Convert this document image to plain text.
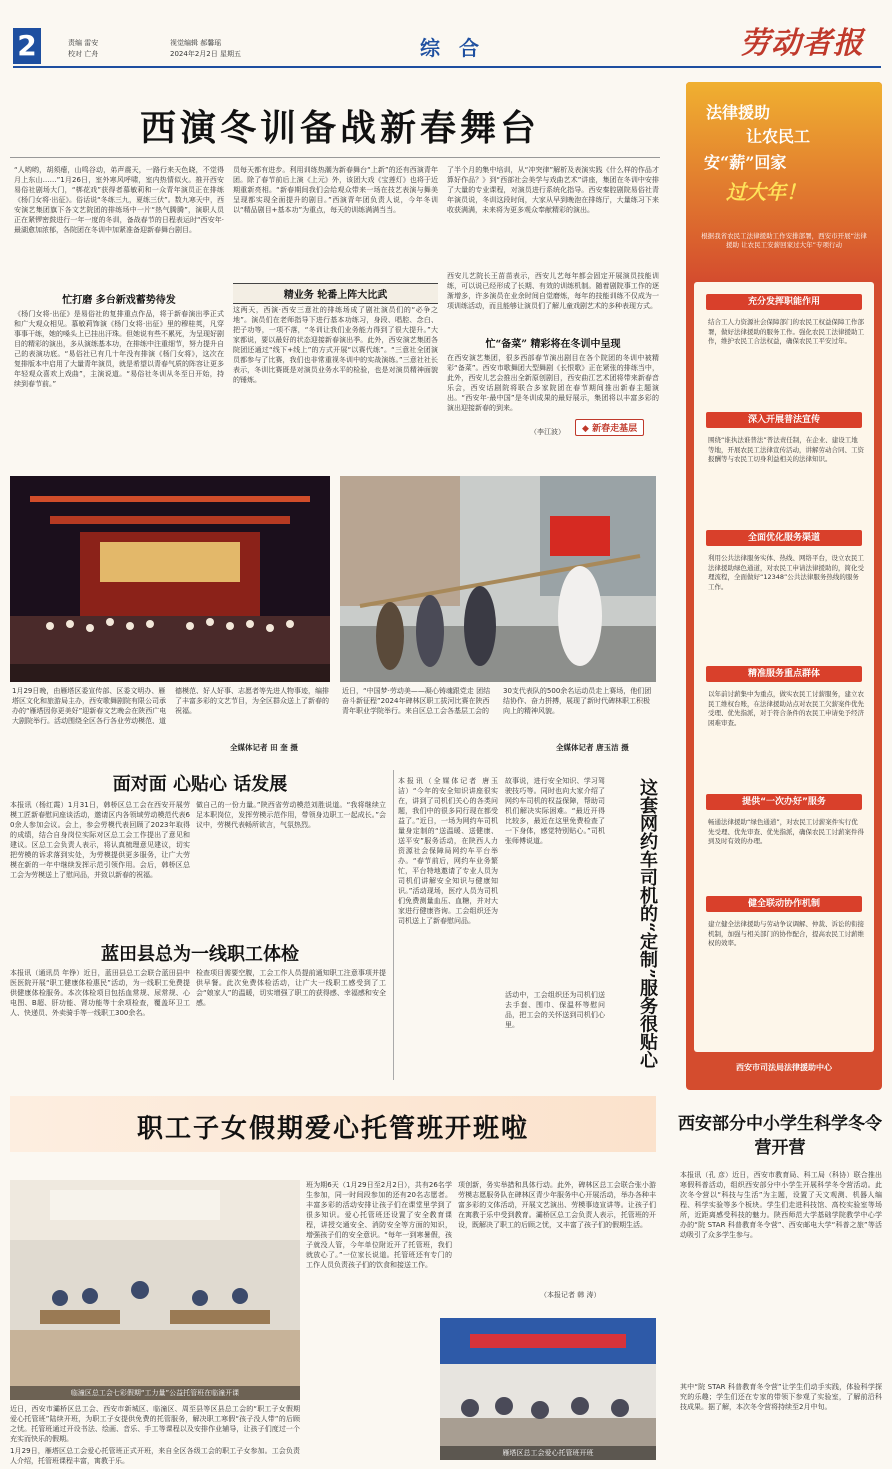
2	责编 雷安
校对 亡舟
视觉编辑 郝馨瑶
2024年2月2日 星期五	综 合	劳动者报
西演冬训备战新春舞台
“人哟哟，胡须瘪，山鸣谷动，弟声震天，一路行来天色晓，不觉得月上东山……”1月26日，室外寒风呼啸，室内热情似火。推开西安易俗社剧场大门，“梆花戏”获得者慕敏莉和一众青年演员正在排练《杨门女将·出征》。俗话说“冬练三九，夏练三伏”。数九寒天中，西安演艺集团旗下各文艺院团的排练场中一片“热气腾腾”，演职人员正在紧锣密鼓进行一年一度的冬训，备战春节的日程表运时“西安年·最湖愈加浓郁，各院团在冬训中加紧准备迎新春舞台剧目。
忙打磨 多台新戏蓄势待发
《杨门女将·出征》是易俗社的复排重点作品，将于新春演出季正式和广大观众相见。慕敏莉饰演《杨门女将·出征》里的穆桂英，凡穿事事干练，她的嗓头上已挂出汗珠。但她说有些不累死，为呈现好剧目的精彩的演出，多从演练基本功，在排练中注重细节，努力提升自己的表演功底。“易俗社已有几十年没有排演《杨门女将》，这次在复排版本中启用了大量青年演员，就是希望以青春气质的阵容让更多年轻观众喜欢上戏曲”，主演说道。“易俗社冬训从冬至日开始，持续到春节前。”
员每天都有进步。利用训练热潮为新春舞台“上新”的还有西演青年团。除了春节前后上演《上元》外，该团大戏《宝莲灯》也将于近期重新亮相。“新春期间我们会给观众带来一场在技艺表演与舞美呈现都实现全面提升的剧目。”西演青年团负责人说，今年冬训以“精品剧目+基本功”为重点，每天的训练满满当当。
精业务 轮番上阵大比武
这两天，西演·西安三意社的排练场成了剧社演员们的“必争之地”。演员们在老师指导下进行基本功练习，身段、唱腔、念白、把子功等，一项不落，“冬训让我们业务能力得到了很大提升。”大家都说，要以最好的状态迎接新春演出季。此外，西安演艺集团各院团还通过“线下+线上”的方式开展“以赛代练”。“三意社全团演员都参与了比赛，我们也非常重视冬训中的实战演练。”三意社社长表示，冬训比赛既是对演员业务水平的检验，也是对演员精神面貌的锤炼。
了半个月的集中培训，从“冲突律”解析及表演实践《什么样的作品才算好作品？》到“西部社会美学与戏曲艺术”讲座，集团在冬训中安排了大量的专业课程，对演员进行系统化指导。西安秦腔剧院易俗社青年演员说，冬训这段时间，大家从早到晚泡在排练厅，大量练习下来收获满满，未来将为更多观众奉献精彩的演出。
西安儿艺院长王苗苗表示，西安儿艺每年都会固定开展演员技能训练，可以说已经形成了长期、有效的训练机制。随着剧院事工作的逐渐增多，许多演员在业余时间自觉磨炼，每年的技能训练不仅成为一项训练活动，而且能够让演员们了解儿童戏剧艺术的多种表现方式。
忙“备菜” 精彩将在冬训中呈现
在西安演艺集团，很多西部春节演出剧目在各个院团的冬训中被精彩“备菜”。西安市歌舞团大型舞剧《长恨歌》正在紧张的排练当中，此外，西安儿艺会推出全新原创剧目，西安曲江艺术团将带来新春音乐会，西安话剧院将联合多家院团在春节期间推出新春主题演出。“西安年·最中国”是冬训成果的最好展示，集团将以丰富多彩的演出迎接新春的到来。
（李江波）	◆ 新春走基层
1月29日晚，由雁塔区委宣传部、区委文明办、雁塔区文化和旅游局主办，西安歌舞剧院有限公司承办的“雁塔因你更美好”迎新春文艺晚会在陕西广电大剧院举行。活动围绕全区各行各业劳动模范、道德模范、好人好事、志愿者等先进人物事迹，编排了丰富多彩的文艺节目，为全区群众送上了新春的祝福。
全媒体记者 田 奎 摄
近日，“中国梦·劳动美——凝心铸魂跟党走 团结奋斗新征程”2024年碑林区职工拔河比赛在陕西青年职业学院举行。来自区总工会各基层工会的30支代表队的500余名运动员走上赛场，他们团结协作、奋力拼搏，展现了新时代碑林职工积极向上的精神风貌。
全媒体记者 唐玉洁 摄
面对面 心贴心 话发展
本报讯（杨红霞）1月31日，韩桥区总工会在西安开展劳模工匠新春慰问座谈活动，邀请区内各领域劳动模范代表60余人参加会议。会上，参会劳模代表回顾了2023年取得的成绩，结合自身岗位实际对区总工会工作提出了意见和建议。区总工会负责人表示，将认真梳理意见建议，切实把劳模的诉求落到实处，为劳模提供更多服务，让广大劳模在新的一年中继续发挥示范引领作用。会后，韩桥区总工会为劳模送上了慰问品，并致以新春的祝福。
做自己的一份力量。”陕西省劳动模范刘胜说道。“我将继续立足本职岗位，发挥劳模示范作用，带领身边职工一起成长。”会议中，劳模代表畅所欲言，气氛热烈。
蓝田县总为一线职工体检
本报讯（通讯员 年铮）近日，蓝田县总工会联合蓝田县中医医院开展“职工健康体检惠民”活动，为一线职工免费提供健康体检服务。本次体检项目包括血常规、尿常规、心电图、B超、肝功能、肾功能等十余项检查，覆盖环卫工人、快递员、外卖骑手等一线职工300余名。
检查项目需要空腹，工会工作人员提前通知职工注意事项并提供早餐。此次免费体检活动，让广大一线职工感受到了工会“娘家人”的温暖，切实增强了职工的获得感、幸福感和安全感。
本报讯（全媒体记者 唐玉洁）“今年的安全知识讲座很实在，讲到了司机们关心的各类问题，我们中的很多同行现在都受益了。”近日，一场为网约车司机量身定制的“送温暖、送健康、送平安”服务活动，在陕西人力资源社会保障局网约车平台举办。“春节前后，网约车业务繁忙，平台特地邀请了专业人员为司机们讲解安全知识与健康知识。”活动现场，医疗人员为司机们免费测量血压、血糖，并对大家进行健康咨询。工会组织还为司机送上了新春慰问品。
故事说，进行安全知识、学习驾驶技巧等。同时也向大家介绍了网约车司机的权益保障，帮助司机们解决实际困难。“最近开得比较多，最近在这里免费检查了一下身体，感觉特别贴心。”司机张师傅说道。
活动中，工会组织还为司机们送去手套、围巾、保温杯等慰问品，把工会的关怀送到司机们心里。	这套网约车司机的“定制”服务很贴心
职工子女假期爱心托管班开班啦
临潼区总工会七彩假期“工力量”公益托管班在临潼开课
近日，西安市灞桥区总工会、西安市新城区、临潼区、周至县等区县总工会的“职工子女假期爱心托管班”陆续开班，为职工子女提供免费的托管服务，解决职工寒假“孩子没人带”的后顾之忧。托管班通过开设书法、绘画、音乐、手工等课程以及安排作业辅导，让孩子们度过一个充实而快乐的假期。
1月29日，雁塔区总工会爱心托管班正式开班，来自全区各级工会的职工子女参加。工会负责人介绍，托管班课程丰富，寓教于乐。
班为期6天（1月29日至2月2日），共有26名学生参加，同一时间段参加的还有20名志愿者。丰富多彩的活动安排让孩子们在课堂里学到了很多知识。爱心托管班还设置了安全教育课程，讲授交通安全、消防安全等方面的知识，增强孩子们的安全意识。“每年一到寒暑假，孩子就没人管，今年单位附近开了托管班，我们就放心了。”一位家长说道。托管班还有专门的工作人员负责孩子们的饮食和接送工作。
项创新，务实举措和具体行动。此外，碑林区总工会联合张小游劳模志愿服务队在碑林区青少年服务中心开展活动，举办各种丰富多彩的文体活动，开展文艺演出、劳模事迹宣讲等。让孩子们在寓教于乐中受到教育。灞桥区总工会负责人表示，托管班的开设，既解决了职工的后顾之忧，又丰富了孩子们的假期生活。
（本报记者 韩 涛）
雁塔区总工会爱心托管班开班
西安部分中小学生科学冬令营开营
本报讯（孔 彦）近日，西安市教育局、科工局（科协）联合推出寒假科普活动，组织西安部分中小学生开展科学冬令营活动。此次冬令营以“科技与生活”为主题，设置了天文观测、机器人编程、科学实验等多个板块。学生们走进科技馆、高校实验室等场所，近距离感受科技的魅力。陕西师范大学基础学院教学中心学办的“院 STAR 科普教育冬令营”、西安邮电大学“科普之旅”等活动吸引了众多学生参与。
其中“院 STAR 科普教育冬令营”让学生们动手实践，体验科学探究的乐趣；学生们还在专家的带领下参观了实验室，了解前沿科技成果。据了解，本次冬令营将持续至2月中旬。
法律援助
让农民工
安“薪”回家
过大年！
根据我省农民工法律援助工作安排部署，西安市开展“法律援助 让农民工安薪回家过大年”专项行动
充分发挥职能作用
结合工人力资源社会保障部门的农民工权益保障工作部署，做好法律援助的服务工作。强化农民工法律援助工作，维护农民工合法权益，确保农民工平安过年。
深入开展普法宣传
围绕“谁执法谁普法”普法责任制，在企业、建设工地等地，开展农民工法律宣传活动，讲解劳动合同、工资报酬等与农民工切身利益相关的法律知识。
全面优化服务渠道
利用公共法律服务实体、热线、网络平台，设立农民工法律援助绿色通道，对农民工申请法律援助的，简化受理流程，全面做好“12348”公共法律服务热线的服务工作。
精准服务重点群体
以年前讨薪集中为重点，做实农民工讨薪服务，建立农民工维权台账，在法律援助站点对农民工欠薪案件优先受理、优先指派，对于符合条件的农民工申请免予经济困难审查。
提供“一次办好”服务
畅通法律援助“绿色通道”，对农民工讨薪案件实行优先受理、优先审查、优先指派，确保农民工讨薪案件得到及时有效的办理。
健全联动协作机制
建立健全法律援助与劳动争议调解、仲裁、诉讼的衔接机制，加强与相关部门的协作配合，提高农民工讨薪维权的效率。
西安市司法局法律援助中心
